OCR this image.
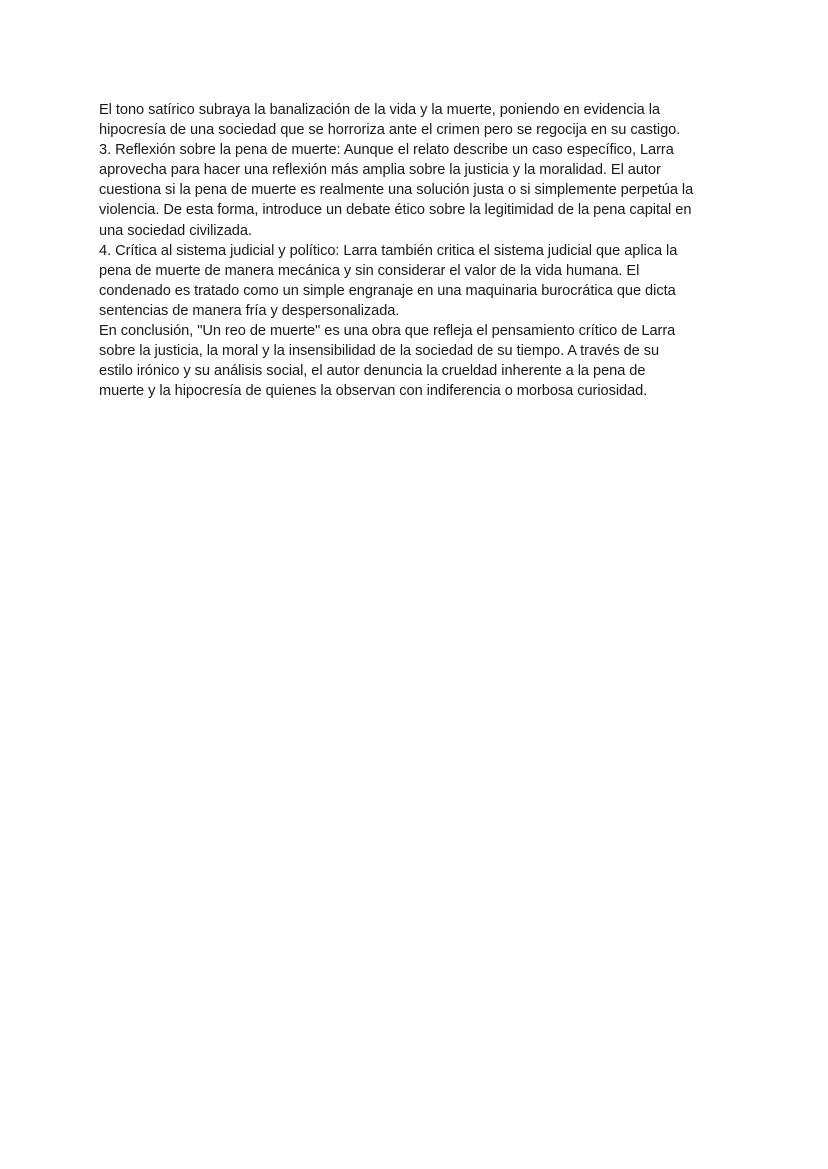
El tono satírico subraya la banalización de la vida y la muerte, poniendo en evidencia la
hipocresía de una sociedad que se horroriza ante el crimen pero se regocija en su castigo.
3. Reflexión sobre la pena de muerte: Aunque el relato describe un caso específico, Larra
aprovecha para hacer una reflexión más amplia sobre la justicia y la moralidad. El autor
cuestiona si la pena de muerte es realmente una solución justa o si simplemente perpetúa la
violencia. De esta forma, introduce un debate ético sobre la legitimidad de la pena capital en
una sociedad civilizada.
4. Crítica al sistema judicial y político: Larra también critica el sistema judicial que aplica la
pena de muerte de manera mecánica y sin considerar el valor de la vida humana. El
condenado es tratado como un simple engranaje en una maquinaria burocrática que dicta
sentencias de manera fría y despersonalizada.
En conclusión, "Un reo de muerte" es una obra que refleja el pensamiento crítico de Larra
sobre la justicia, la moral y la insensibilidad de la sociedad de su tiempo. A través de su
estilo irónico y su análisis social, el autor denuncia la crueldad inherente a la pena de
muerte y la hipocresía de quienes la observan con indiferencia o morbosa curiosidad.
